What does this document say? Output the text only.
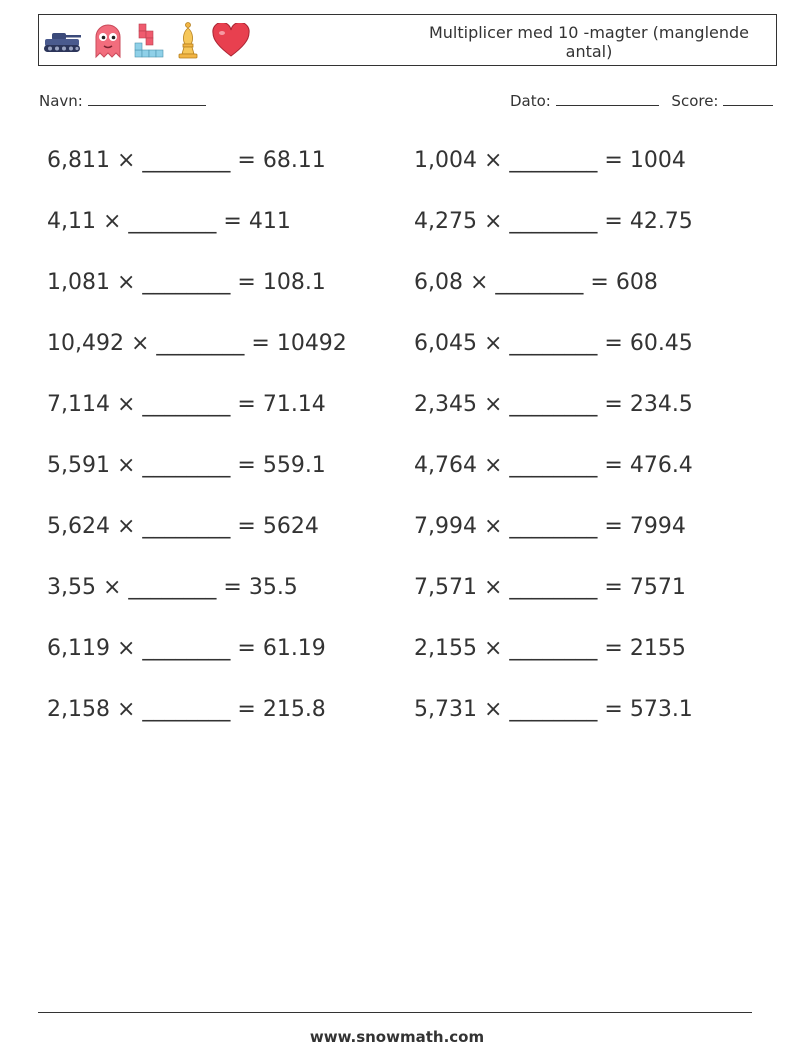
Multiplicer med 10 -magter (manglende antal)
Navn:	Dato:	Score:
6,811 × ________ = 68.11	1,004 × ________ = 1004
4,11 × ________ = 411	4,275 × ________ = 42.75
1,081 × ________ = 108.1	6,08 × ________ = 608
10,492 × ________ = 10492	6,045 × ________ = 60.45
7,114 × ________ = 71.14	2,345 × ________ = 234.5
5,591 × ________ = 559.1	4,764 × ________ = 476.4
5,624 × ________ = 5624	7,994 × ________ = 7994
3,55 × ________ = 35.5	7,571 × ________ = 7571
6,119 × ________ = 61.19	2,155 × ________ = 2155
2,158 × ________ = 215.8	5,731 × ________ = 573.1
www.snowmath.com
